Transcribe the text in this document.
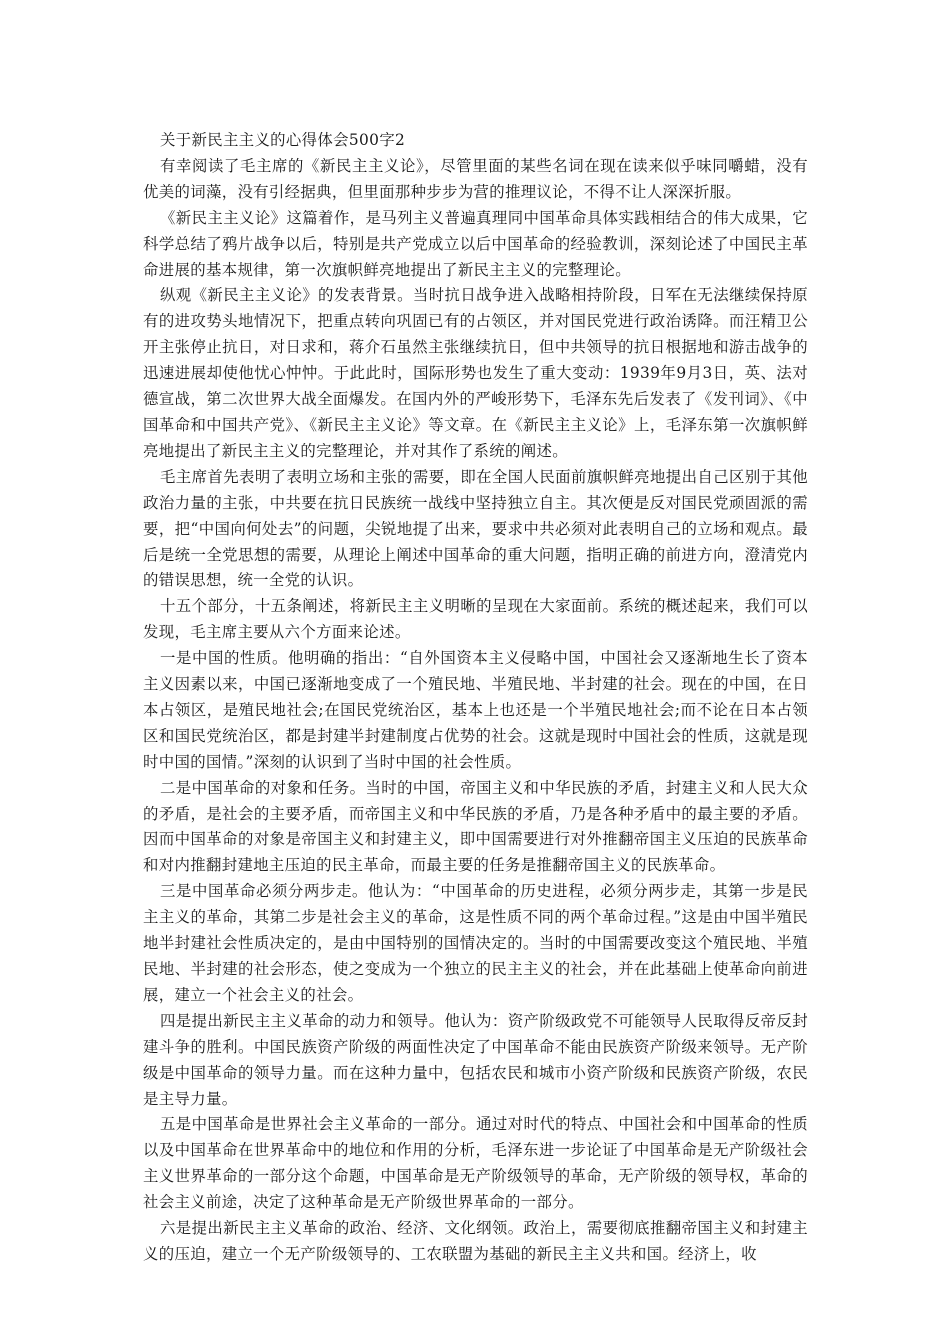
关于新民主主义的心得体会500字2

有幸阅读了毛主席的《新民主主义论》，尽管里面的某些名词在现在读来似乎味同嚼蜡，没有优美的词藻，没有引经据典，但里面那种步步为营的推理议论，不得不让人深深折服。

《新民主主义论》这篇着作，是马列主义普遍真理同中国革命具体实践相结合的伟大成果，它科学总结了鸦片战争以后，特别是共产党成立以后中国革命的经验教训，深刻论述了中国民主革命进展的基本规律，第一次旗帜鲜亮地提出了新民主主义的完整理论。

纵观《新民主主义论》的发表背景。当时抗日战争进入战略相持阶段，日军在无法继续保持原有的进攻势头地情况下，把重点转向巩固已有的占领区，并对国民党进行政治诱降。而汪精卫公开主张停止抗日，对日求和，蒋介石虽然主张继续抗日，但中共领导的抗日根据地和游击战争的迅速进展却使他忧心忡忡。于此此时，国际形势也发生了重大变动：1939年9月3日，英、法对德宣战，第二次世界大战全面爆发。在国内外的严峻形势下，毛泽东先后发表了《发刊词》、《中国革命和中国共产党》、《新民主主义论》等文章。在《新民主主义论》上，毛泽东第一次旗帜鲜亮地提出了新民主主义的完整理论，并对其作了系统的阐述。

毛主席首先表明了表明立场和主张的需要，即在全国人民面前旗帜鲜亮地提出自己区别于其他政治力量的主张，中共要在抗日民族统一战线中坚持独立自主。其次便是反对国民党顽固派的需要，把“中国向何处去”的问题，尖锐地提了出来，要求中共必须对此表明自己的立场和观点。最后是统一全党思想的需要，从理论上阐述中国革命的重大问题，指明正确的前进方向，澄清党内的错误思想，统一全党的认识。

十五个部分，十五条阐述，将新民主主义明晰的呈现在大家面前。系统的概述起来，我们可以发现，毛主席主要从六个方面来论述。

一是中国的性质。他明确的指出：“自外国资本主义侵略中国，中国社会又逐渐地生长了资本主义因素以来，中国已逐渐地变成了一个殖民地、半殖民地、半封建的社会。现在的中国，在日本占领区，是殖民地社会;在国民党统治区，基本上也还是一个半殖民地社会;而不论在日本占领区和国民党统治区，都是封建半封建制度占优势的社会。这就是现时中国社会的性质，这就是现时中国的国情。”深刻的认识到了当时中国的社会性质。

二是中国革命的对象和任务。当时的中国，帝国主义和中华民族的矛盾，封建主义和人民大众的矛盾，是社会的主要矛盾，而帝国主义和中华民族的矛盾，乃是各种矛盾中的最主要的矛盾。因而中国革命的对象是帝国主义和封建主义，即中国需要进行对外推翻帝国主义压迫的民族革命和对内推翻封建地主压迫的民主革命，而最主要的任务是推翻帝国主义的民族革命。

三是中国革命必须分两步走。他认为：“中国革命的历史进程，必须分两步走，其第一步是民主主义的革命，其第二步是社会主义的革命，这是性质不同的两个革命过程。”这是由中国半殖民地半封建社会性质决定的，是由中国特别的国情决定的。当时的中国需要改变这个殖民地、半殖民地、半封建的社会形态，使之变成为一个独立的民主主义的社会，并在此基础上使革命向前进展，建立一个社会主义的社会。

四是提出新民主主义革命的动力和领导。他认为：资产阶级政党不可能领导人民取得反帝反封建斗争的胜利。中国民族资产阶级的两面性决定了中国革命不能由民族资产阶级来领导。无产阶级是中国革命的领导力量。而在这种力量中，包括农民和城市小资产阶级和民族资产阶级，农民是主导力量。

五是中国革命是世界社会主义革命的一部分。通过对时代的特点、中国社会和中国革命的性质以及中国革命在世界革命中的地位和作用的分析，毛泽东进一步论证了中国革命是无产阶级社会主义世界革命的一部分这个命题，中国革命是无产阶级领导的革命，无产阶级的领导权，革命的社会主义前途，决定了这种革命是无产阶级世界革命的一部分。

六是提出新民主主义革命的政治、经济、文化纲领。政治上，需要彻底推翻帝国主义和封建主义的压迫，建立一个无产阶级领导的、工农联盟为基础的新民主主义共和国。经济上，收
